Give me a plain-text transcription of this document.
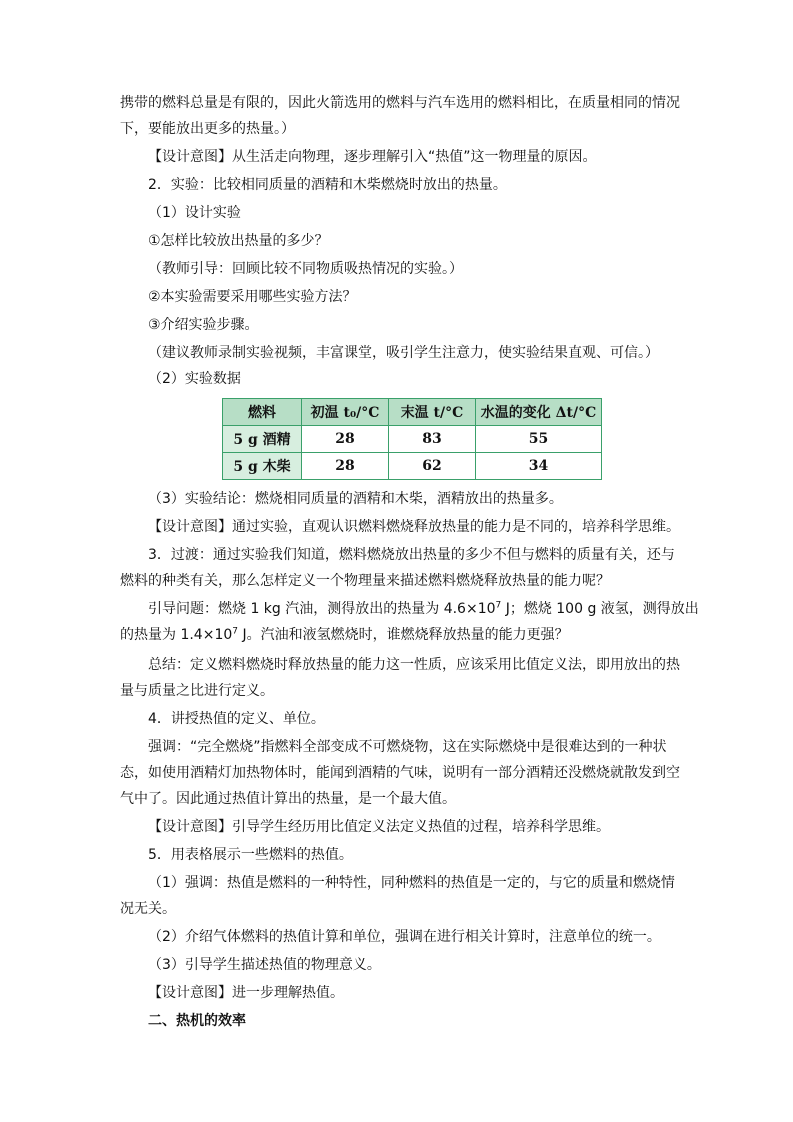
携带的燃料总量是有限的，因此火箭选用的燃料与汽车选用的燃料相比，在质量相同的情况
下，要能放出更多的热量。）
【设计意图】从生活走向物理，逐步理解引入“热值”这一物理量的原因。
2．实验：比较相同质量的酒精和木柴燃烧时放出的热量。
（1）设计实验
①怎样比较放出热量的多少？
（教师引导：回顾比较不同物质吸热情况的实验。）
②本实验需要采用哪些实验方法？
③介绍实验步骤。
（建议教师录制实验视频，丰富课堂，吸引学生注意力，使实验结果直观、可信。）
（2）实验数据
燃料	初温 t₀/°C	末温 t/°C	水温的变化 Δt/°C
5 g 酒精	28	83	55
5 g 木柴	28	62	34
（3）实验结论：燃烧相同质量的酒精和木柴，酒精放出的热量多。
【设计意图】通过实验，直观认识燃料燃烧释放热量的能力是不同的，培养科学思维。
3．过渡：通过实验我们知道，燃料燃烧放出热量的多少不但与燃料的质量有关，还与
燃料的种类有关，那么怎样定义一个物理量来描述燃料燃烧释放热量的能力呢？
引导问题：燃烧 1 kg 汽油，测得放出的热量为 $4.6\times 10^7$ J；燃烧 100 g 液氢，测得放出
的热量为 $1.4\times 10^7$ J。汽油和液氢燃烧时，谁燃烧释放热量的能力更强？
总结：定义燃料燃烧时释放热量的能力这一性质，应该采用比值定义法，即用放出的热
量与质量之比进行定义。
4．讲授热值的定义、单位。
强调：“完全燃烧”指燃料全部变成不可燃烧物，这在实际燃烧中是很难达到的一种状
态，如使用酒精灯加热物体时，能闻到酒精的气味，说明有一部分酒精还没燃烧就散发到空
气中了。因此通过热值计算出的热量，是一个最大值。
【设计意图】引导学生经历用比值定义法定义热值的过程，培养科学思维。
5．用表格展示一些燃料的热值。
（1）强调：热值是燃料的一种特性，同种燃料的热值是一定的，与它的质量和燃烧情
况无关。
（2）介绍气体燃料的热值计算和单位，强调在进行相关计算时，注意单位的统一。
（3）引导学生描述热值的物理意义。
【设计意图】进一步理解热值。
二、热机的效率
